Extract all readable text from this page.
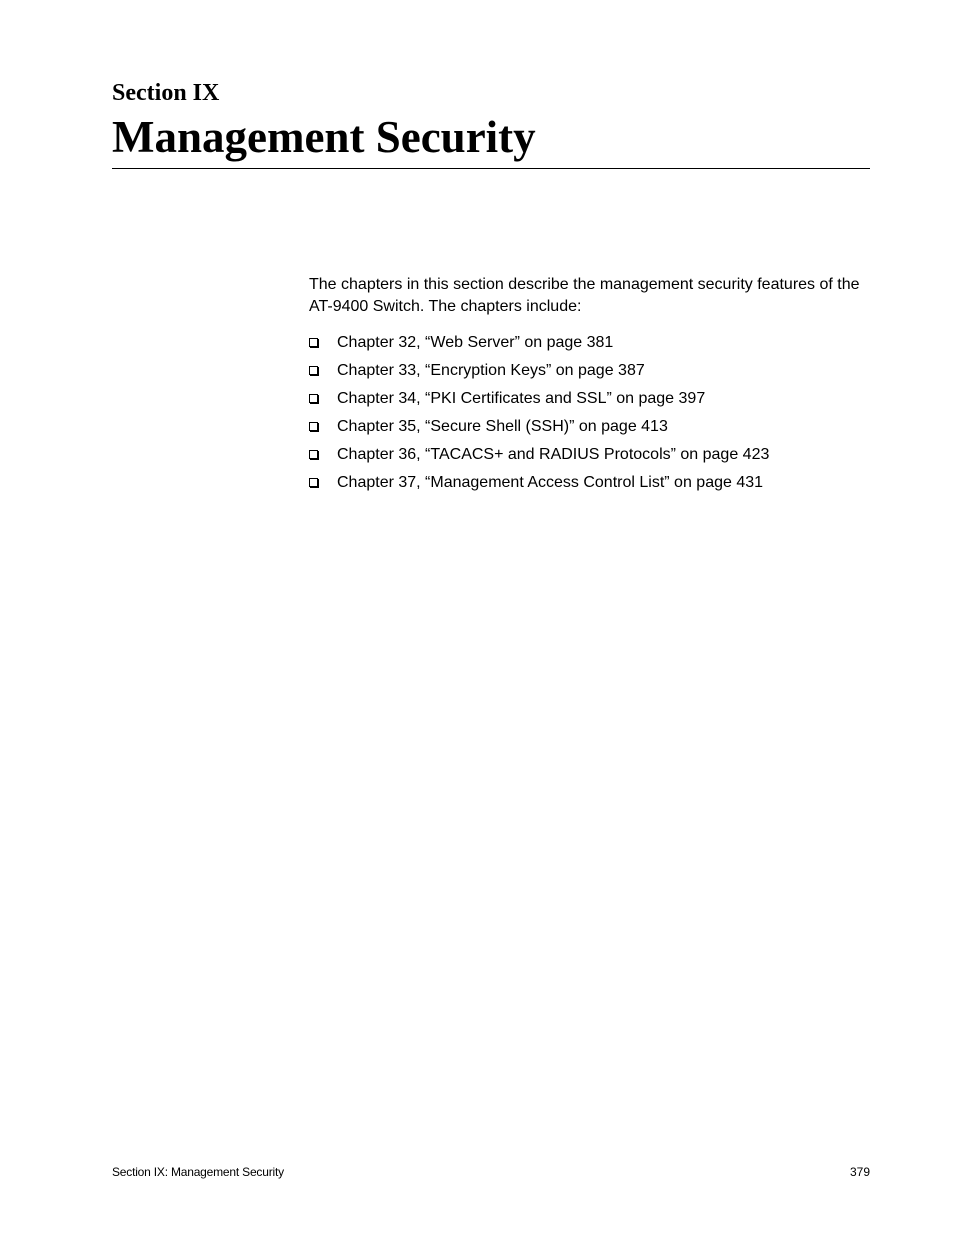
Section IX
Management Security

The chapters in this section describe the management security features of the AT-9400 Switch. The chapters include:

Chapter 32, “Web Server” on page 381
Chapter 33, “Encryption Keys” on page 387
Chapter 34, “PKI Certificates and SSL” on page 397
Chapter 35, “Secure Shell (SSH)” on page 413
Chapter 36, “TACACS+ and RADIUS Protocols” on page 423
Chapter 37, “Management Access Control List” on page 431
Section IX: Management Security	379
